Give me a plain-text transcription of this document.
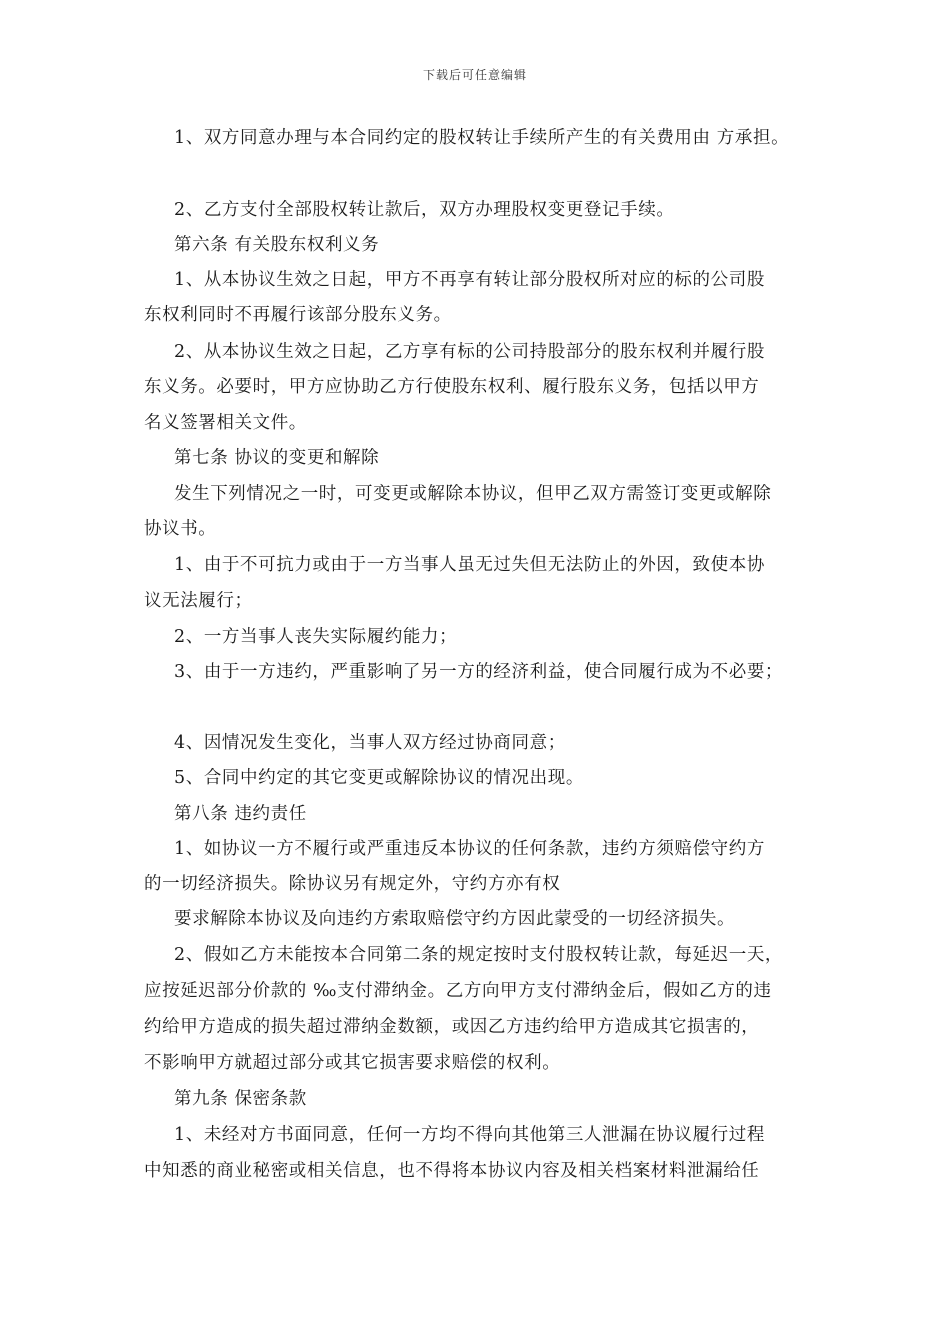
下载后可任意编辑
1、双方同意办理与本合同约定的股权转让手续所产生的有关费用由 方承担。
2、乙方支付全部股权转让款后，双方办理股权变更登记手续。
第六条 有关股东权利义务
1、从本协议生效之日起，甲方不再享有转让部分股权所对应的标的公司股
东权利同时不再履行该部分股东义务。
2、从本协议生效之日起，乙方享有标的公司持股部分的股东权利并履行股
东义务。必要时，甲方应协助乙方行使股东权利、履行股东义务，包括以甲方
名义签署相关文件。
第七条 协议的变更和解除
发生下列情况之一时，可变更或解除本协议，但甲乙双方需签订变更或解除
协议书。
1、由于不可抗力或由于一方当事人虽无过失但无法防止的外因，致使本协
议无法履行；
2、一方当事人丧失实际履约能力；
3、由于一方违约，严重影响了另一方的经济利益，使合同履行成为不必要；
4、因情况发生变化，当事人双方经过协商同意；
5、合同中约定的其它变更或解除协议的情况出现。
第八条 违约责任
1、如协议一方不履行或严重违反本协议的任何条款，违约方须赔偿守约方
的一切经济损失。除协议另有规定外，守约方亦有权
要求解除本协议及向违约方索取赔偿守约方因此蒙受的一切经济损失。
2、假如乙方未能按本合同第二条的规定按时支付股权转让款，每延迟一天，
应按延迟部分价款的 ‰支付滞纳金。乙方向甲方支付滞纳金后，假如乙方的违
约给甲方造成的损失超过滞纳金数额，或因乙方违约给甲方造成其它损害的，
不影响甲方就超过部分或其它损害要求赔偿的权利。
第九条 保密条款
1、未经对方书面同意，任何一方均不得向其他第三人泄漏在协议履行过程
中知悉的商业秘密或相关信息，也不得将本协议内容及相关档案材料泄漏给任
